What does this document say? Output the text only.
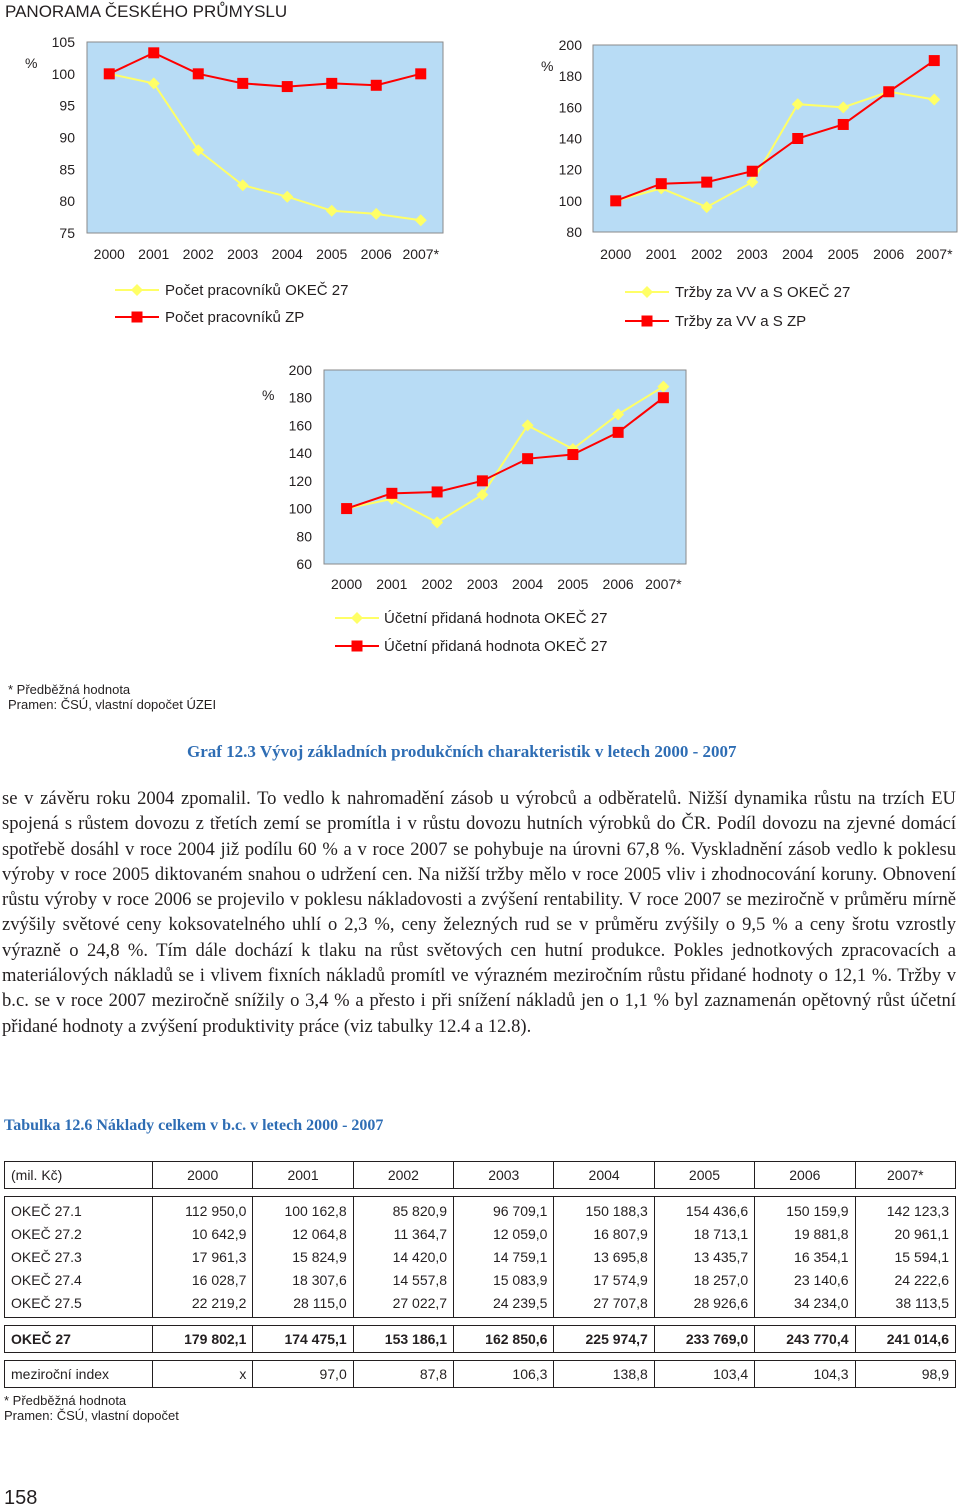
PANORAMA ČESKÉHO PRŮMYSLU
%
75
80
85
90
95
100
105
2000 2001 2002 2003 2004 2005 2006 2007*
Počet pracovníků OKEČ 27
Počet pracovníků ZP
%
80
100
120
140
160
180
200
2000 2001 2002 2003 2004 2005 2006 2007*
Tržby za VV a S OKEČ 27
Tržby za VV a S ZP
%
60
80
100
120
140
160
180
200
2000 2001 2002 2003 2004 2005 2006 2007*
Účetní přidaná hodnota OKEČ 27
Účetní přidaná hodnota OKEČ 27
* Předběžná hodnota
Pramen: ČSÚ, vlastní dopočet ÚZEI
Graf 12.3 Vývoj základních produkčních charakteristik v letech 2000 - 2007

se v závěru roku 2004 zpomalil. To vedlo k nahromadění zásob u výrobců a odběratelů. Nižší dynamika růstu na trzích EU spojená s růstem dovozu z třetích zemí se promítla i v růstu dovozu hutních výrobků do ČR. Podíl dovozu na zjevné domácí spotřebě dosáhl v roce 2004 již podílu 60 % a v roce 2007 se pohybuje na úrovni 67,8 %. Vyskladnění zásob vedlo k poklesu výroby v roce 2005 diktovaném snahou o udržení cen. Na nižší tržby mělo v roce 2005 vliv i zhodnocování koruny. Obnovení růstu výroby v roce 2006 se projevilo v poklesu nákladovosti a zvýšení rentability. V roce 2007 se meziročně v průměru mírně zvýšily světové ceny koksovatelného uhlí o 2,3 %, ceny železných rud se v průměru zvýšily o 9,5 % a ceny šrotu vzrostly výrazně o 24,8 %. Tím dále dochází k tlaku na růst světových cen hutní produkce. Pokles jednotkových zpracovacích a materiálových nákladů se i vlivem fixních nákladů promítl ve výrazném meziročním růstu přidané hodnoty o 12,1 %. Tržby v b.c. se v roce 2007 meziročně snížily o 3,4 % a přesto i při snížení nákladů jen o 1,1 % byl zaznamenán opětovný růst účetní přidané hodnoty a zvýšení produktivity práce (viz tabulky 12.4 a 12.8).

Tabulka 12.6 Náklady celkem v b.c. v letech 2000 - 2007
(mil. Kč)	2000	2001	2002	2003	2004	2005	2006	2007*

OKEČ 27.1	112 950,0	100 162,8	85 820,9	96 709,1	150 188,3	154 436,6	150 159,9	142 123,3
OKEČ 27.2	10 642,9	12 064,8	11 364,7	12 059,0	16 807,9	18 713,1	19 881,8	20 961,1
OKEČ 27.3	17 961,3	15 824,9	14 420,0	14 759,1	13 695,8	13 435,7	16 354,1	15 594,1
OKEČ 27.4	16 028,7	18 307,6	14 557,8	15 083,9	17 574,9	18 257,0	23 140,6	24 222,6
OKEČ 27.5	22 219,2	28 115,0	27 022,7	24 239,5	27 707,8	28 926,6	34 234,0	38 113,5

OKEČ 27	179 802,1	174 475,1	153 186,1	162 850,6	225 974,7	233 769,0	243 770,4	241 014,6

meziroční index	x	97,0	87,8	106,3	138,8	103,4	104,3	98,9
* Předběžná hodnota
Pramen: ČSÚ, vlastní dopočet
158
